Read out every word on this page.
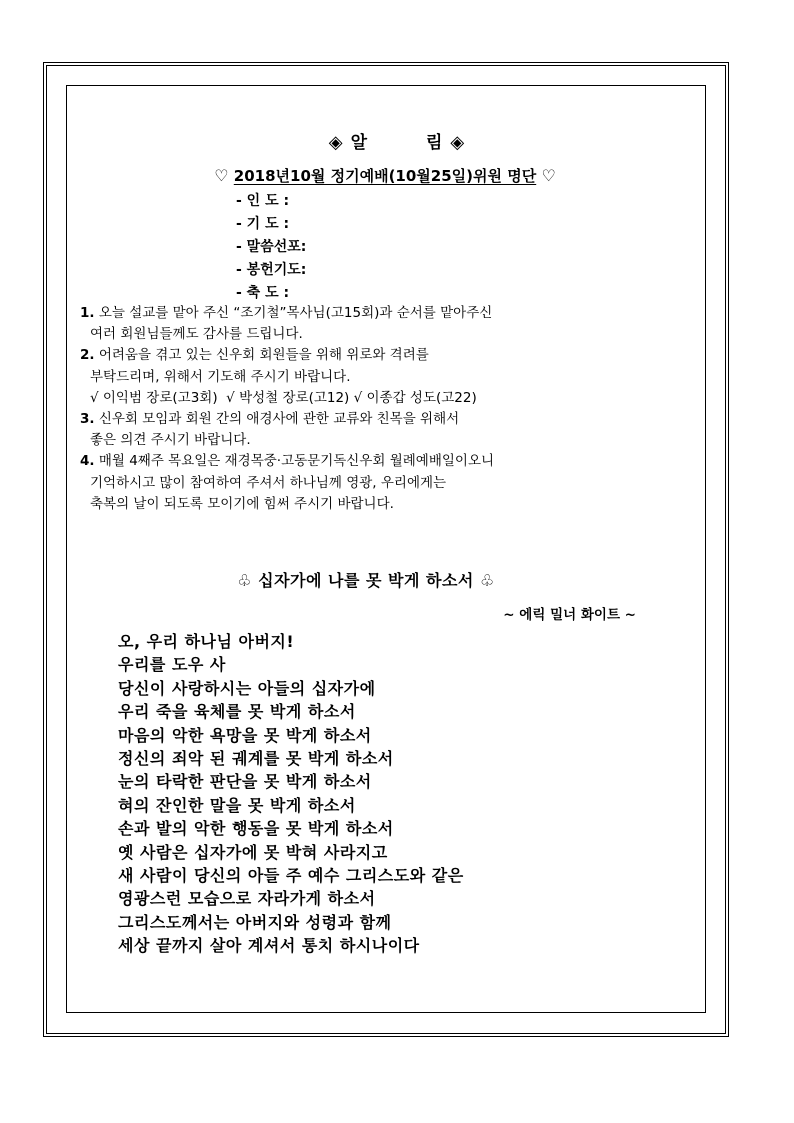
◈ 알	림 ◈
♡ 2018년10월 정기예배(10월25일)위원 명단 ♡
- 인 도 :
- 기 도 :
- 말씀선포:
- 봉헌기도:
- 축 도 :
1. 오늘 설교를 맡아 주신 “조기철”목사님(고15회)과 순서를 맡아주신
여러 회원님들께도 감사를 드립니다.
2. 어려움을 겪고 있는 신우회 회원들을 위해 위로와 격려를
부탁드리며, 위해서 기도해 주시기 바랍니다.
√ 이익범 장로(고3회)  √ 박성철 장로(고12) √ 이종갑 성도(고22)
3. 신우회 모임과 회원 간의 애경사에 관한 교류와 친목을 위해서
좋은 의견 주시기 바랍니다.
4. 매월 4째주 목요일은 재경목중·고동문기독신우회 월례예배일이오니
기억하시고 많이 참여하여 주셔서 하나님께 영광, 우리에게는
축복의 날이 되도록 모이기에 힘써 주시기 바랍니다.
♧ 십자가에 나를 못 박게 하소서 ♧
~ 에릭 밀너 화이트 ~
오, 우리 하나님 아버지!
우리를 도우 사
당신이 사랑하시는 아들의 십자가에
우리 죽을 육체를 못 박게 하소서
마음의 악한 욕망을 못 박게 하소서
정신의 죄악 된 궤계를 못 박게 하소서
눈의 타락한 판단을 못 박게 하소서
혀의 잔인한 말을 못 박게 하소서
손과 발의 악한 행동을 못 박게 하소서
옛 사람은 십자가에 못 박혀 사라지고
새 사람이 당신의 아들 주 예수 그리스도와 같은
영광스런 모습으로 자라가게 하소서
그리스도께서는 아버지와 성령과 함께
세상 끝까지 살아 계셔서 통치 하시나이다
